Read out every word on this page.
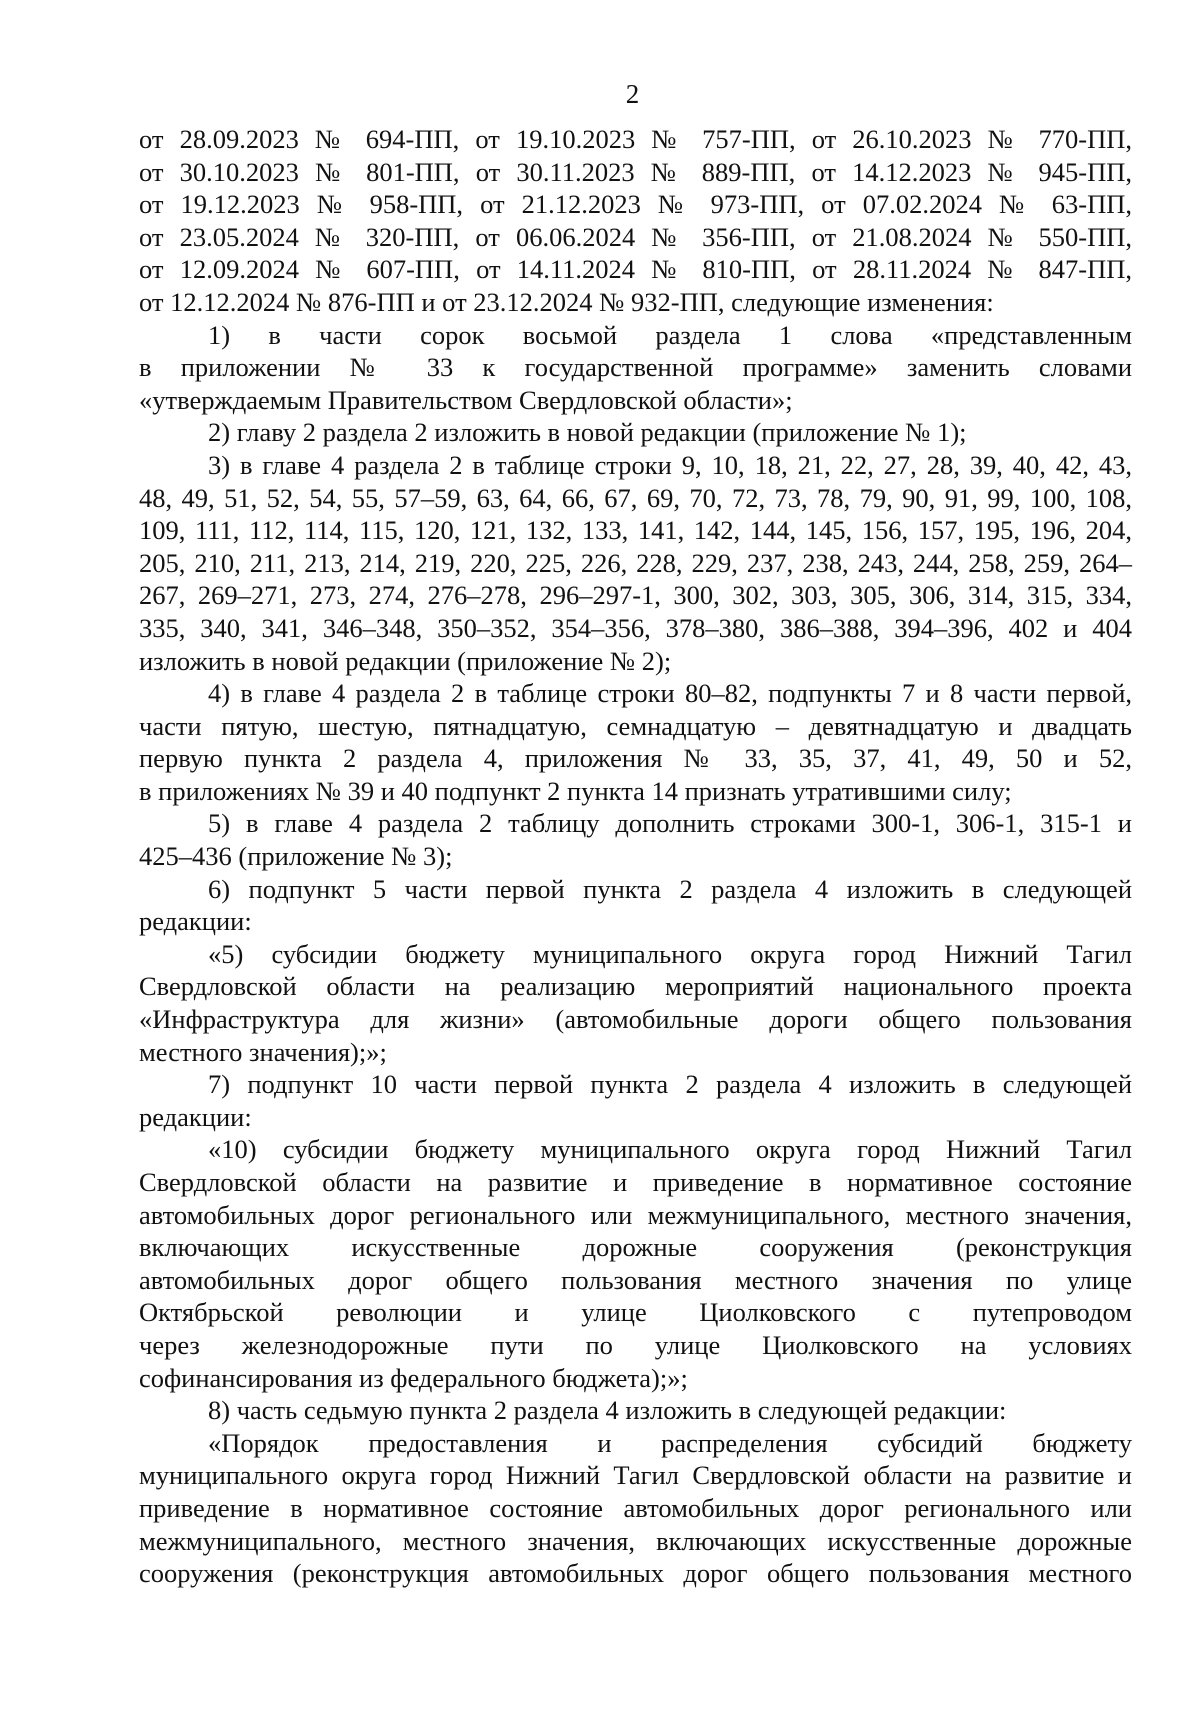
2
от 28.09.2023 № 694-ПП, от 19.10.2023 № 757-ПП, от 26.10.2023 № 770-ПП,
от 30.10.2023 № 801-ПП, от 30.11.2023 № 889-ПП, от 14.12.2023 № 945-ПП,
от 19.12.2023 № 958-ПП, от 21.12.2023 № 973-ПП, от 07.02.2024 № 63-ПП,
от 23.05.2024 № 320-ПП, от 06.06.2024 № 356-ПП, от 21.08.2024 № 550-ПП,
от 12.09.2024 № 607-ПП, от 14.11.2024 № 810-ПП, от 28.11.2024 № 847-ПП,
от 12.12.2024 № 876-ПП и от 23.12.2024 № 932-ПП, следующие изменения:
1) в части сорок восьмой раздела 1 слова «представленным
в приложении № 33 к государственной программе» заменить словами
«утверждаемым Правительством Свердловской области»;
2) главу 2 раздела 2 изложить в новой редакции (приложение № 1);
3) в главе 4 раздела 2 в таблице строки 9, 10, 18, 21, 22, 27, 28, 39, 40, 42, 43,
48, 49, 51, 52, 54, 55, 57–59, 63, 64, 66, 67, 69, 70, 72, 73, 78, 79, 90, 91, 99, 100, 108,
109, 111, 112, 114, 115, 120, 121, 132, 133, 141, 142, 144, 145, 156, 157, 195, 196, 204,
205, 210, 211, 213, 214, 219, 220, 225, 226, 228, 229, 237, 238, 243, 244, 258, 259, 264–
267, 269–271, 273, 274, 276–278, 296–297-1, 300, 302, 303, 305, 306, 314, 315, 334,
335, 340, 341, 346–348, 350–352, 354–356, 378–380, 386–388, 394–396, 402 и 404
изложить в новой редакции (приложение № 2);
4) в главе 4 раздела 2 в таблице строки 80–82, подпункты 7 и 8 части первой,
части пятую, шестую, пятнадцатую, семнадцатую – девятнадцатую и двадцать
первую пункта 2 раздела 4, приложения № 33, 35, 37, 41, 49, 50 и 52,
в приложениях № 39 и 40 подпункт 2 пункта 14 признать утратившими силу;
5) в главе 4 раздела 2 таблицу дополнить строками 300-1, 306-1, 315-1 и
425–436 (приложение № 3);
6) подпункт 5 части первой пункта 2 раздела 4 изложить в следующей
редакции:
«5) субсидии бюджету муниципального округа город Нижний Тагил
Свердловской области на реализацию мероприятий национального проекта
«Инфраструктура для жизни» (автомобильные дороги общего пользования
местного значения);»;
7) подпункт 10 части первой пункта 2 раздела 4 изложить в следующей
редакции:
«10) субсидии бюджету муниципального округа город Нижний Тагил
Свердловской области на развитие и приведение в нормативное состояние
автомобильных дорог регионального или межмуниципального, местного значения,
включающих искусственные дорожные сооружения (реконструкция
автомобильных дорог общего пользования местного значения по улице
Октябрьской революции и улице Циолковского с путепроводом
через железнодорожные пути по улице Циолковского на условиях
софинансирования из федерального бюджета);»;
8) часть седьмую пункта 2 раздела 4 изложить в следующей редакции:
«Порядок предоставления и распределения субсидий бюджету
муниципального округа город Нижний Тагил Свердловской области на развитие и
приведение в нормативное состояние автомобильных дорог регионального или
межмуниципального, местного значения, включающих искусственные дорожные
сооружения (реконструкция автомобильных дорог общего пользования местного
